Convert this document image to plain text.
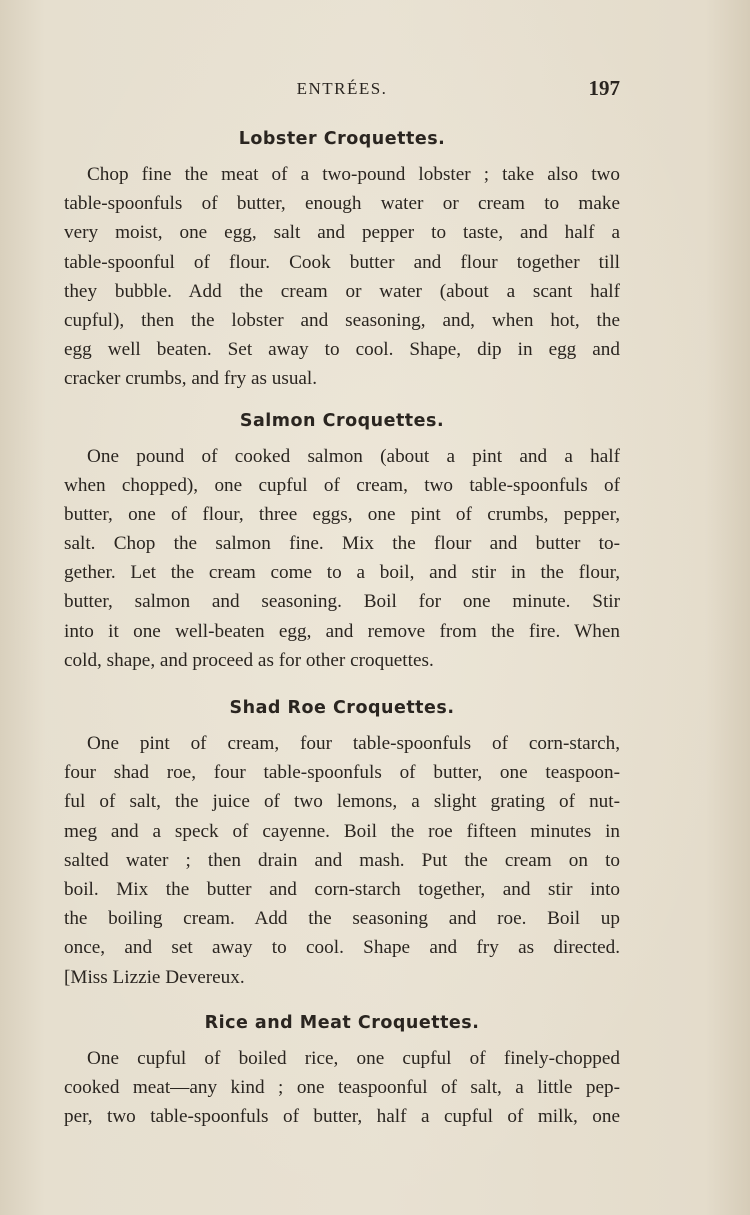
ENTRÉES.	197
Lobster Croquettes.

Chop fine the meat of a two-pound lobster ; take also two
table-spoonfuls of butter, enough water or cream to make
very moist, one egg, salt and pepper to taste, and half a
table-spoonful of flour. Cook butter and flour together till
they bubble. Add the cream or water (about a scant half
cupful), then the lobster and seasoning, and, when hot, the
egg well beaten. Set away to cool. Shape, dip in egg and
cracker crumbs, and fry as usual.

Salmon Croquettes.

One pound of cooked salmon (about a pint and a half
when chopped), one cupful of cream, two table-spoonfuls of
butter, one of flour, three eggs, one pint of crumbs, pepper,
salt. Chop the salmon fine. Mix the flour and butter to-
gether. Let the cream come to a boil, and stir in the flour,
butter, salmon and seasoning. Boil for one minute. Stir
into it one well-beaten egg, and remove from the fire. When
cold, shape, and proceed as for other croquettes.

Shad Roe Croquettes.

One pint of cream, four table-spoonfuls of corn-starch,
four shad roe, four table-spoonfuls of butter, one teaspoon-
ful of salt, the juice of two lemons, a slight grating of nut-
meg and a speck of cayenne. Boil the roe fifteen minutes in
salted water ; then drain and mash. Put the cream on to
boil. Mix the butter and corn-starch together, and stir into
the boiling cream. Add the seasoning and roe. Boil up
once, and set away to cool. Shape and fry as directed.
[Miss Lizzie Devereux.

Rice and Meat Croquettes.

One cupful of boiled rice, one cupful of finely-chopped
cooked meat—any kind ; one teaspoonful of salt, a little pep-
per, two table-spoonfuls of butter, half a cupful of milk, one
